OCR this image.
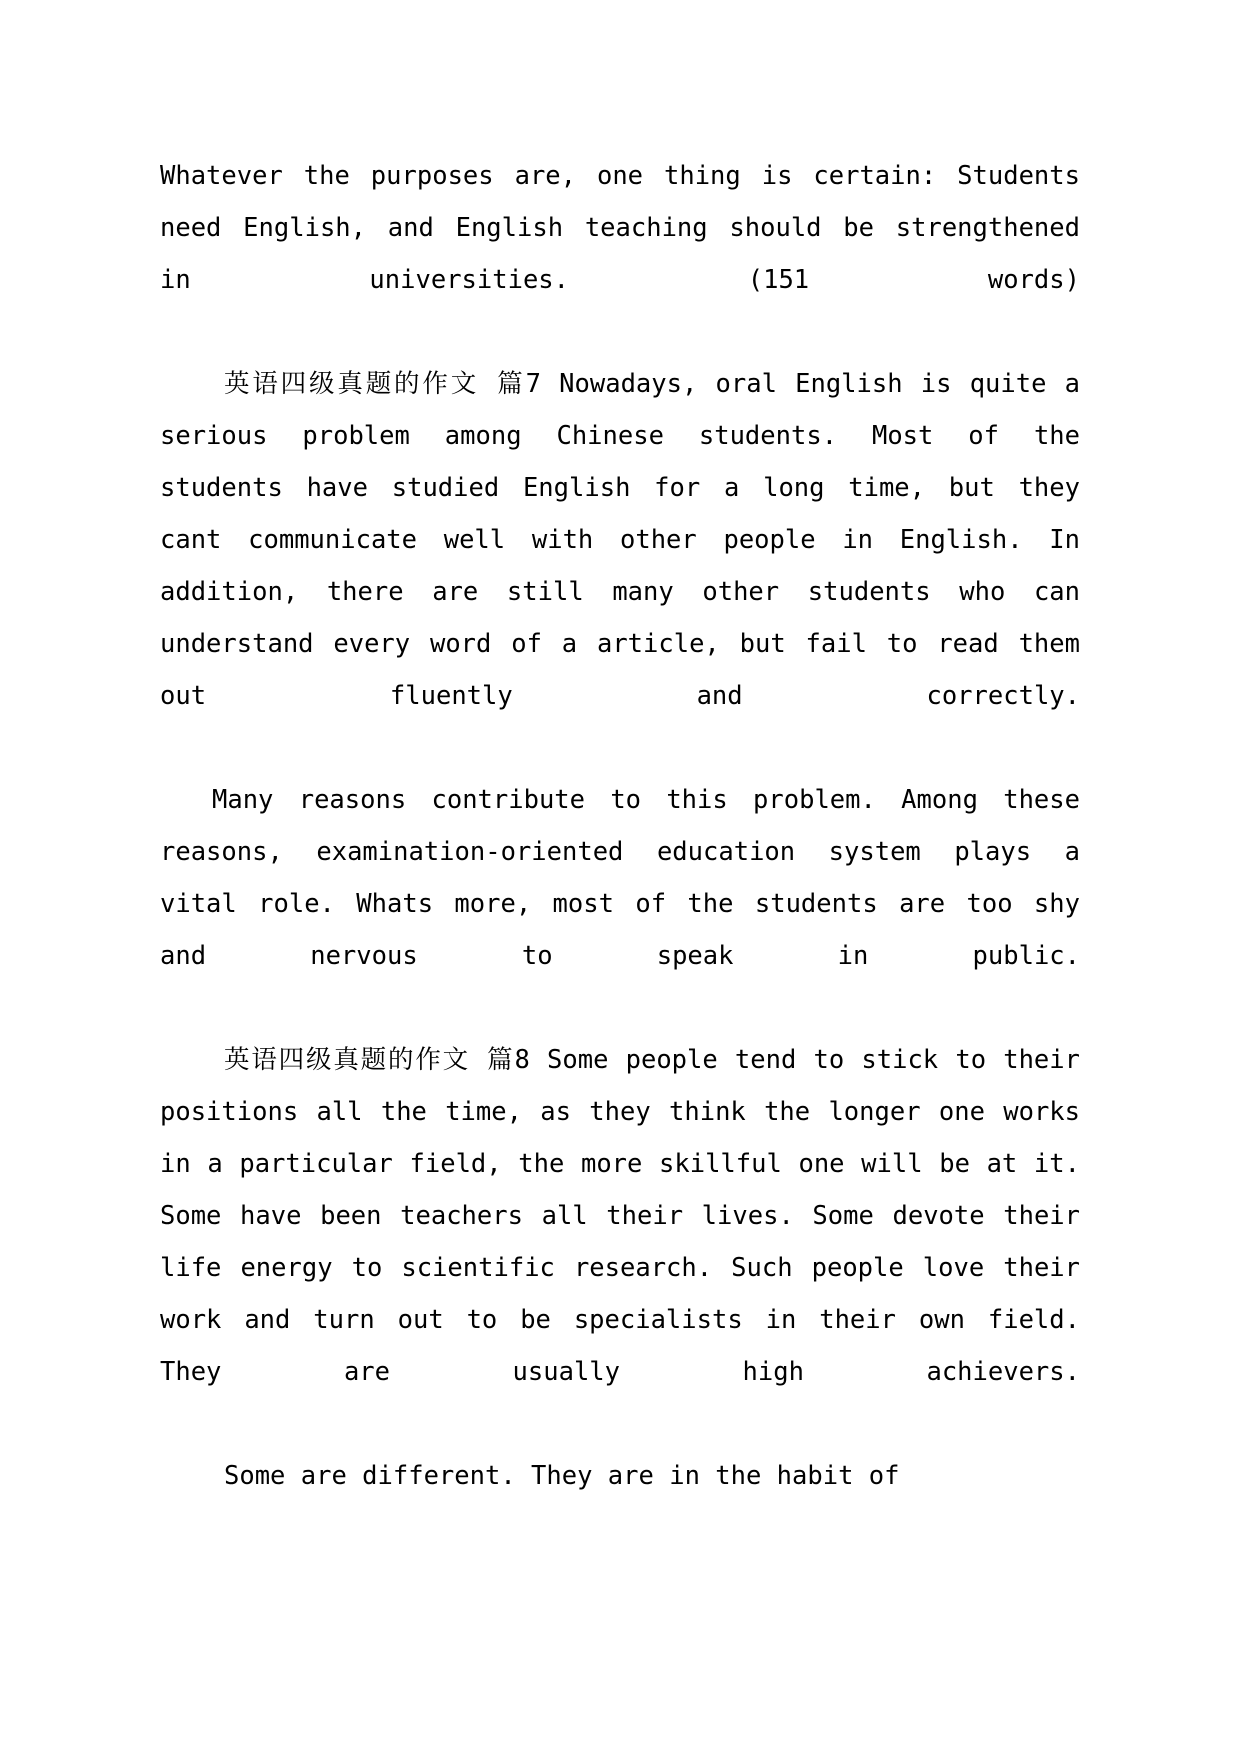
Whatever the purposes are, one thing is certain: Students need English, and English teaching should be strengthened in universities. (151 words)

英语四级真题的作文 篇7 Nowadays, oral English is quite a serious problem among Chinese students. Most of the students have studied English for a long time, but they cant communicate well with other people in English. In addition, there are still many other students who can understand every word of a article, but fail to read them out fluently and correctly.

Many reasons contribute to this problem. Among these reasons, examination-oriented education system plays a vital role. Whats more, most of the students are too shy and nervous to speak in public.

英语四级真题的作文 篇8 Some people tend to stick to their positions all the time, as they think the longer one works in a particular field, the more skillful one will be at it. Some have been teachers all their lives. Some devote their life energy to scientific research. Such people love their work and turn out to be specialists in their own field. They are usually high achievers.

Some are different. They are in the habit of
